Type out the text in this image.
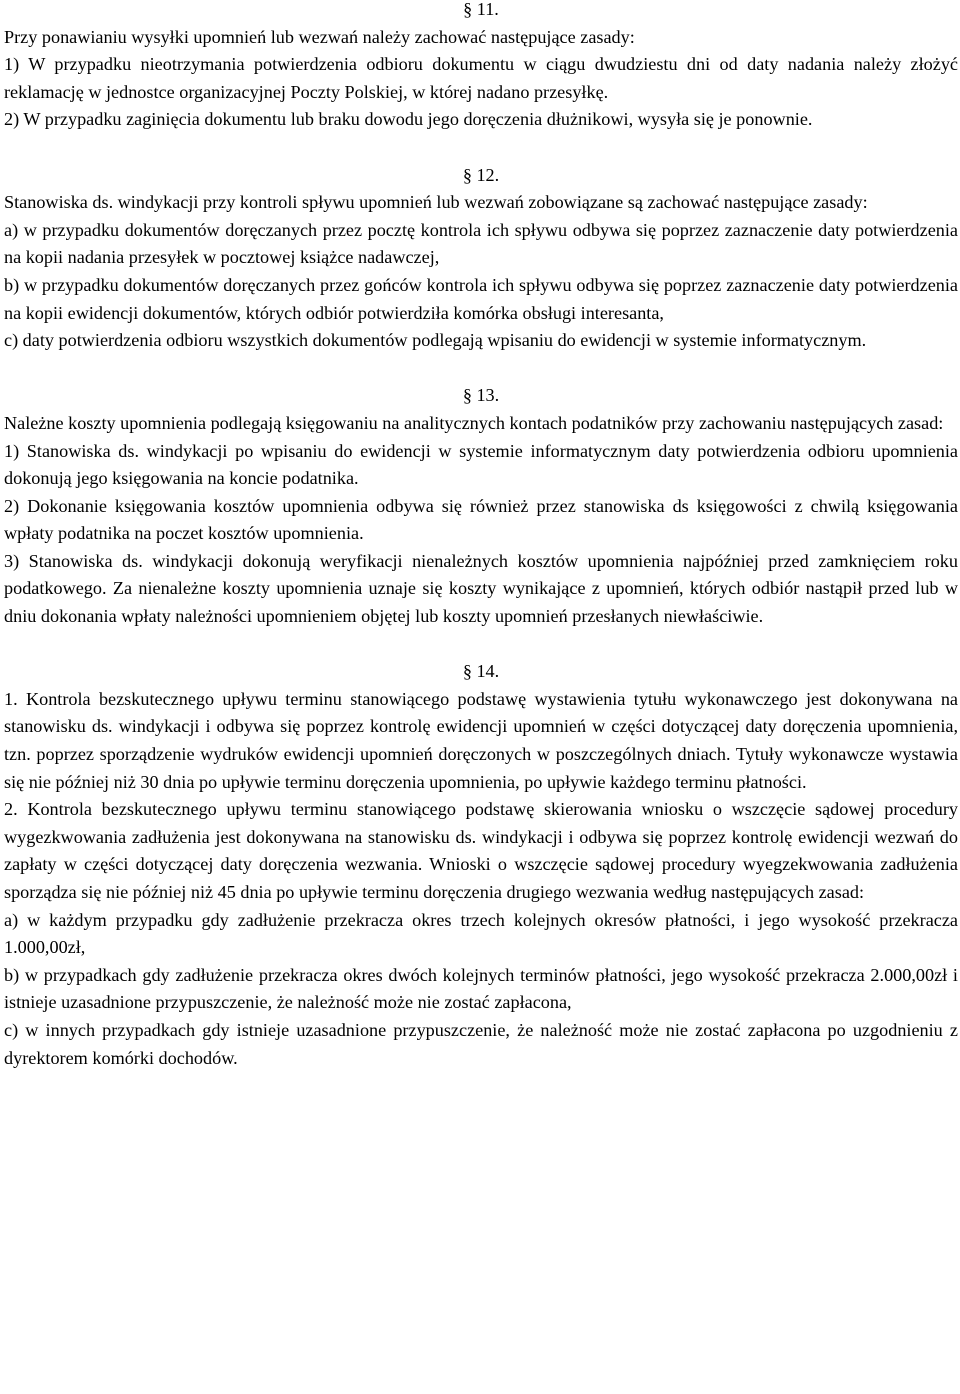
§ 11.

Przy ponawianiu wysyłki upomnień lub wezwań należy zachować następujące zasady:

1) W przypadku nieotrzymania potwierdzenia odbioru dokumentu w ciągu dwudziestu dni od daty nadania należy złożyć reklamację w jednostce organizacyjnej Poczty Polskiej, w której nadano przesyłkę.

2) W przypadku zaginięcia dokumentu lub braku dowodu jego doręczenia dłużnikowi, wysyła się je ponownie.

§ 12.

Stanowiska ds. windykacji przy kontroli spływu upomnień lub wezwań zobowiązane są zachować następujące zasady:

a) w przypadku dokumentów doręczanych przez pocztę kontrola ich spływu odbywa się poprzez zaznaczenie daty potwierdzenia na kopii nadania przesyłek w pocztowej książce nadawczej,

b) w przypadku dokumentów doręczanych przez gońców kontrola ich spływu odbywa się poprzez zaznaczenie daty potwierdzenia na kopii ewidencji dokumentów, których odbiór potwierdziła komórka obsługi interesanta,

c) daty potwierdzenia odbioru wszystkich dokumentów podlegają wpisaniu do ewidencji w systemie informatycznym.

§ 13.

Należne koszty upomnienia podlegają księgowaniu na analitycznych kontach podatników przy zachowaniu następujących zasad:

1) Stanowiska ds. windykacji po wpisaniu do ewidencji w systemie informatycznym daty potwierdzenia odbioru upomnienia dokonują jego księgowania na koncie podatnika.

2) Dokonanie księgowania kosztów upomnienia odbywa się również przez stanowiska ds księgowości z chwilą księgowania wpłaty podatnika na poczet kosztów upomnienia.

3) Stanowiska ds. windykacji dokonują weryfikacji nienależnych kosztów upomnienia najpóźniej przed zamknięciem roku podatkowego. Za nienależne koszty upomnienia uznaje się koszty wynikające z upomnień, których odbiór nastąpił przed lub w dniu dokonania wpłaty należności upomnieniem objętej lub koszty upomnień przesłanych niewłaściwie.

§ 14.

1. Kontrola bezskutecznego upływu terminu stanowiącego podstawę wystawienia tytułu wykonawczego jest dokonywana na stanowisku ds. windykacji i odbywa się poprzez kontrolę ewidencji upomnień w części dotyczącej daty doręczenia upomnienia, tzn. poprzez sporządzenie wydruków ewidencji upomnień doręczonych w poszczególnych dniach. Tytuły wykonawcze wystawia się nie później niż 30 dnia po upływie terminu doręczenia upomnienia, po upływie każdego terminu płatności.

2. Kontrola bezskutecznego upływu terminu stanowiącego podstawę skierowania wniosku o wszczęcie sądowej procedury wygezkwowania zadłużenia jest dokonywana na stanowisku ds. windykacji i odbywa się poprzez kontrolę ewidencji wezwań do zapłaty w części dotyczącej daty doręczenia wezwania. Wnioski o wszczęcie sądowej procedury wyegzekwowania zadłużenia sporządza się nie później niż 45 dnia po upływie terminu doręczenia drugiego wezwania według następujących zasad:

a) w każdym przypadku gdy zadłużenie przekracza okres trzech kolejnych okresów płatności, i jego wysokość przekracza 1.000,00zł,

b) w przypadkach gdy zadłużenie przekracza okres dwóch kolejnych terminów płatności, jego wysokość przekracza 2.000,00zł i istnieje uzasadnione przypuszczenie, że należność może nie zostać zapłacona,

c) w innych przypadkach gdy istnieje uzasadnione przypuszczenie, że należność może nie zostać zapłacona po uzgodnieniu z dyrektorem komórki dochodów.
